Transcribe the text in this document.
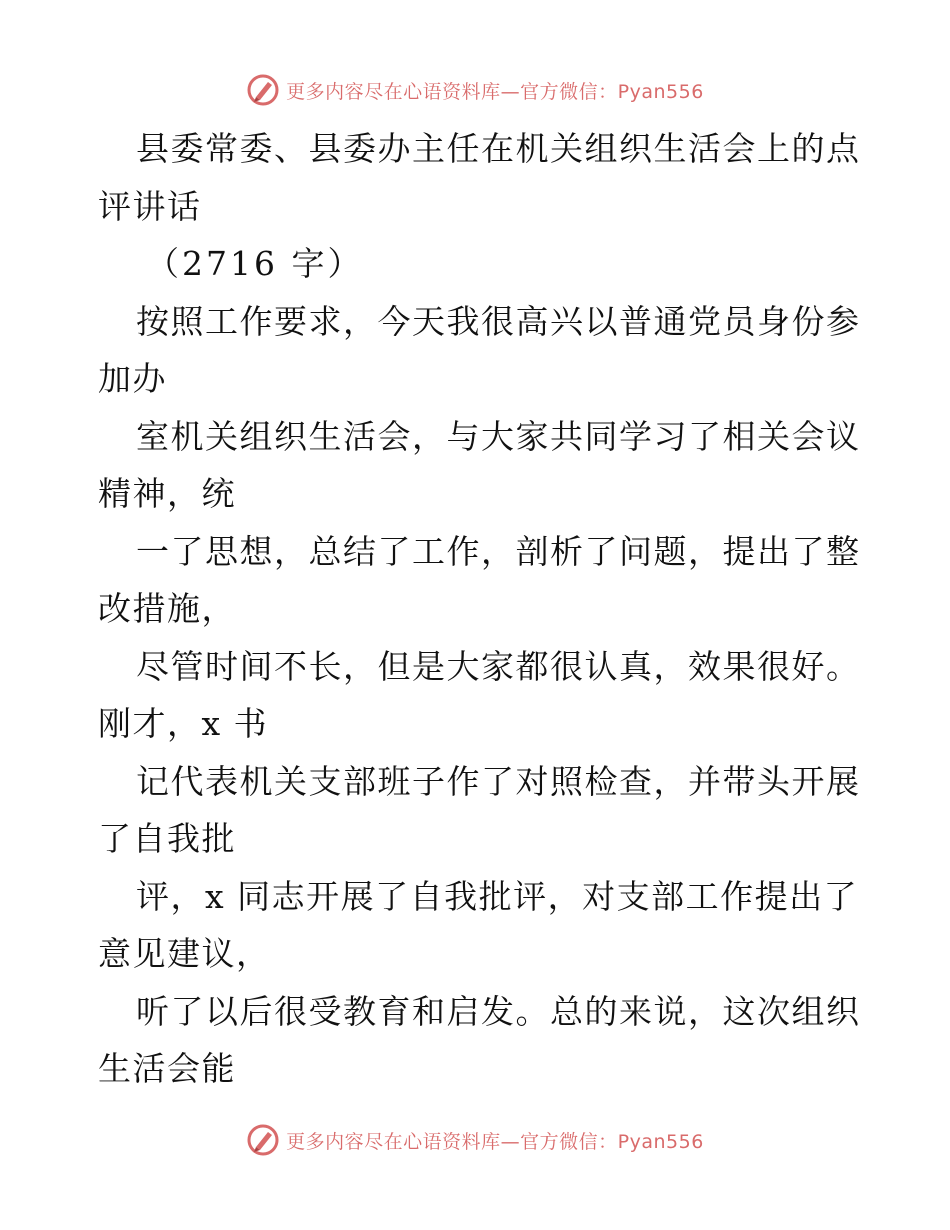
更多内容尽在心语资料库—官方微信：Pyan556
县委常委、县委办主任在机关组织生活会上的点
评讲话
（2716 字）
按照工作要求，今天我很高兴以普通党员身份参
加办
室机关组织生活会，与大家共同学习了相关会议
精神，统
一了思想，总结了工作，剖析了问题，提出了整
改措施，
尽管时间不长，但是大家都很认真，效果很好。
刚才，x 书
记代表机关支部班子作了对照检查，并带头开展
了自我批
评，x 同志开展了自我批评，对支部工作提出了
意见建议，
听了以后很受教育和启发。总的来说，这次组织
生活会能
更多内容尽在心语资料库—官方微信：Pyan556
